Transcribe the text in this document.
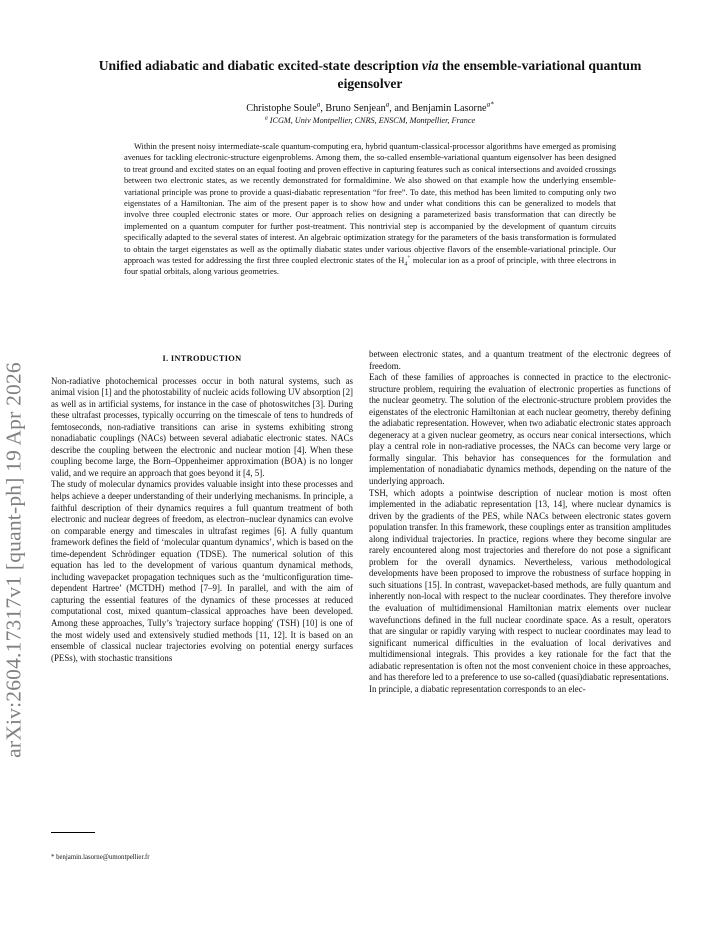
arXiv:2604.17317v1 [quant-ph] 19 Apr 2026
Unified adiabatic and diabatic excited-state description via the ensemble-variational quantum eigensolver
Christophe Soule$^a$, Bruno Senjean$^a$, and Benjamin Lasorne$^{a*}$
$^a$ ICGM, Univ Montpellier, CNRS, ENSCM, Montpellier, France

Within the present noisy intermediate-scale quantum-computing era, hybrid quantum-classical-processor algorithms have emerged as promising avenues for tackling electronic-structure eigenproblems. Among them, the so-called ensemble-variational quantum eigensolver has been designed to treat ground and excited states on an equal footing and proven effective in capturing features such as conical intersections and avoided crossings between two electronic states, as we recently demonstrated for formaldimine. We also showed on that example how the underlying ensemble-variational principle was prone to provide a quasi-diabatic representation “for free”. To date, this method has been limited to computing only two eigenstates of a Hamiltonian. The aim of the present paper is to show how and under what conditions this can be generalized to models that involve three coupled electronic states or more. Our approach relies on designing a parameterized basis transformation that can directly be implemented on a quantum computer for further post-treatment. This nontrivial step is accompanied by the development of quantum circuits specifically adapted to the several states of interest. An algebraic optimization strategy for the parameters of the basis transformation is formulated to obtain the target eigenstates as well as the optimally diabatic states under various objective flavors of the ensemble-variational principle. Our approach was tested for addressing the first three coupled electronic states of the $H_4^+$ molecular ion as a proof of principle, with three electrons in four spatial orbitals, along various geometries.

I. INTRODUCTION

Non-radiative photochemical processes occur in both natural systems, such as animal vision [1] and the photostability of nucleic acids following UV absorption [2] as well as in artificial systems, for instance in the case of photoswitches [3]. During these ultrafast processes, typically occurring on the timescale of tens to hundreds of femtoseconds, non-radiative transitions can arise in systems exhibiting strong nonadiabatic couplings (NACs) between several adiabatic electronic states. NACs describe the coupling between the electronic and nuclear motion [4]. When these coupling become large, the Born–Oppenheimer approximation (BOA) is no longer valid, and we require an approach that goes beyond it [4, 5].

The study of molecular dynamics provides valuable insight into these processes and helps achieve a deeper understanding of their underlying mechanisms. In principle, a faithful description of their dynamics requires a full quantum treatment of both electronic and nuclear degrees of freedom, as electron–nuclear dynamics can evolve on comparable energy and timescales in ultrafast regimes [6]. A fully quantum framework defines the field of ‘molecular quantum dynamics’, which is based on the time-dependent Schrödinger equation (TDSE). The numerical solution of this equation has led to the development of various quantum dynamical methods, including wavepacket propagation techniques such as the ‘multiconfiguration time-dependent Hartree’ (MCTDH) method [7–9]. In parallel, and with the aim of capturing the essential features of the dynamics of these processes at reduced computational cost, mixed quantum–classical approaches have been developed. Among these approaches, Tully’s 'trajectory surface hopping' (TSH) [10] is one of the most widely used and extensively studied methods [11, 12]. It is based on an ensemble of classical nuclear trajectories evolving on potential energy surfaces (PESs), with stochastic transitions

between electronic states, and a quantum treatment of the electronic degrees of freedom.

Each of these families of approaches is connected in practice to the electronic-structure problem, requiring the evaluation of electronic properties as functions of the nuclear geometry. The solution of the electronic-structure problem provides the eigenstates of the electronic Hamiltonian at each nuclear geometry, thereby defining the adiabatic representation. However, when two adiabatic electronic states approach degeneracy at a given nuclear geometry, as occurs near conical intersections, which play a central role in non-radiative processes, the NACs can become very large or formally singular. This behavior has consequences for the formulation and implementation of nonadiabatic dynamics methods, depending on the nature of the underlying approach.

TSH, which adopts a pointwise description of nuclear motion is most often implemented in the adiabatic representation [13, 14], where nuclear dynamics is driven by the gradients of the PES, while NACs between electronic states govern population transfer. In this framework, these couplings enter as transition amplitudes along individual trajectories. In practice, regions where they become singular are rarely encountered along most trajectories and therefore do not pose a significant problem for the overall dynamics. Nevertheless, various methodological developments have been proposed to improve the robustness of surface hopping in such situations [15]. In contrast, wavepacket-based methods, are fully quantum and inherently non-local with respect to the nuclear coordinates. They therefore involve the evaluation of multidimensional Hamiltonian matrix elements over nuclear wavefunctions defined in the full nuclear coordinate space. As a result, operators that are singular or rapidly varying with respect to nuclear coordinates may lead to significant numerical difficulties in the evaluation of local derivatives and multidimensional integrals. This provides a key rationale for the fact that the adiabatic representation is often not the most convenient choice in these approaches, and has therefore led to a preference to use so-called (quasi)diabatic representations.

In principle, a diabatic representation corresponds to an elec-

* benjamin.lasorne@umontpellier.fr
